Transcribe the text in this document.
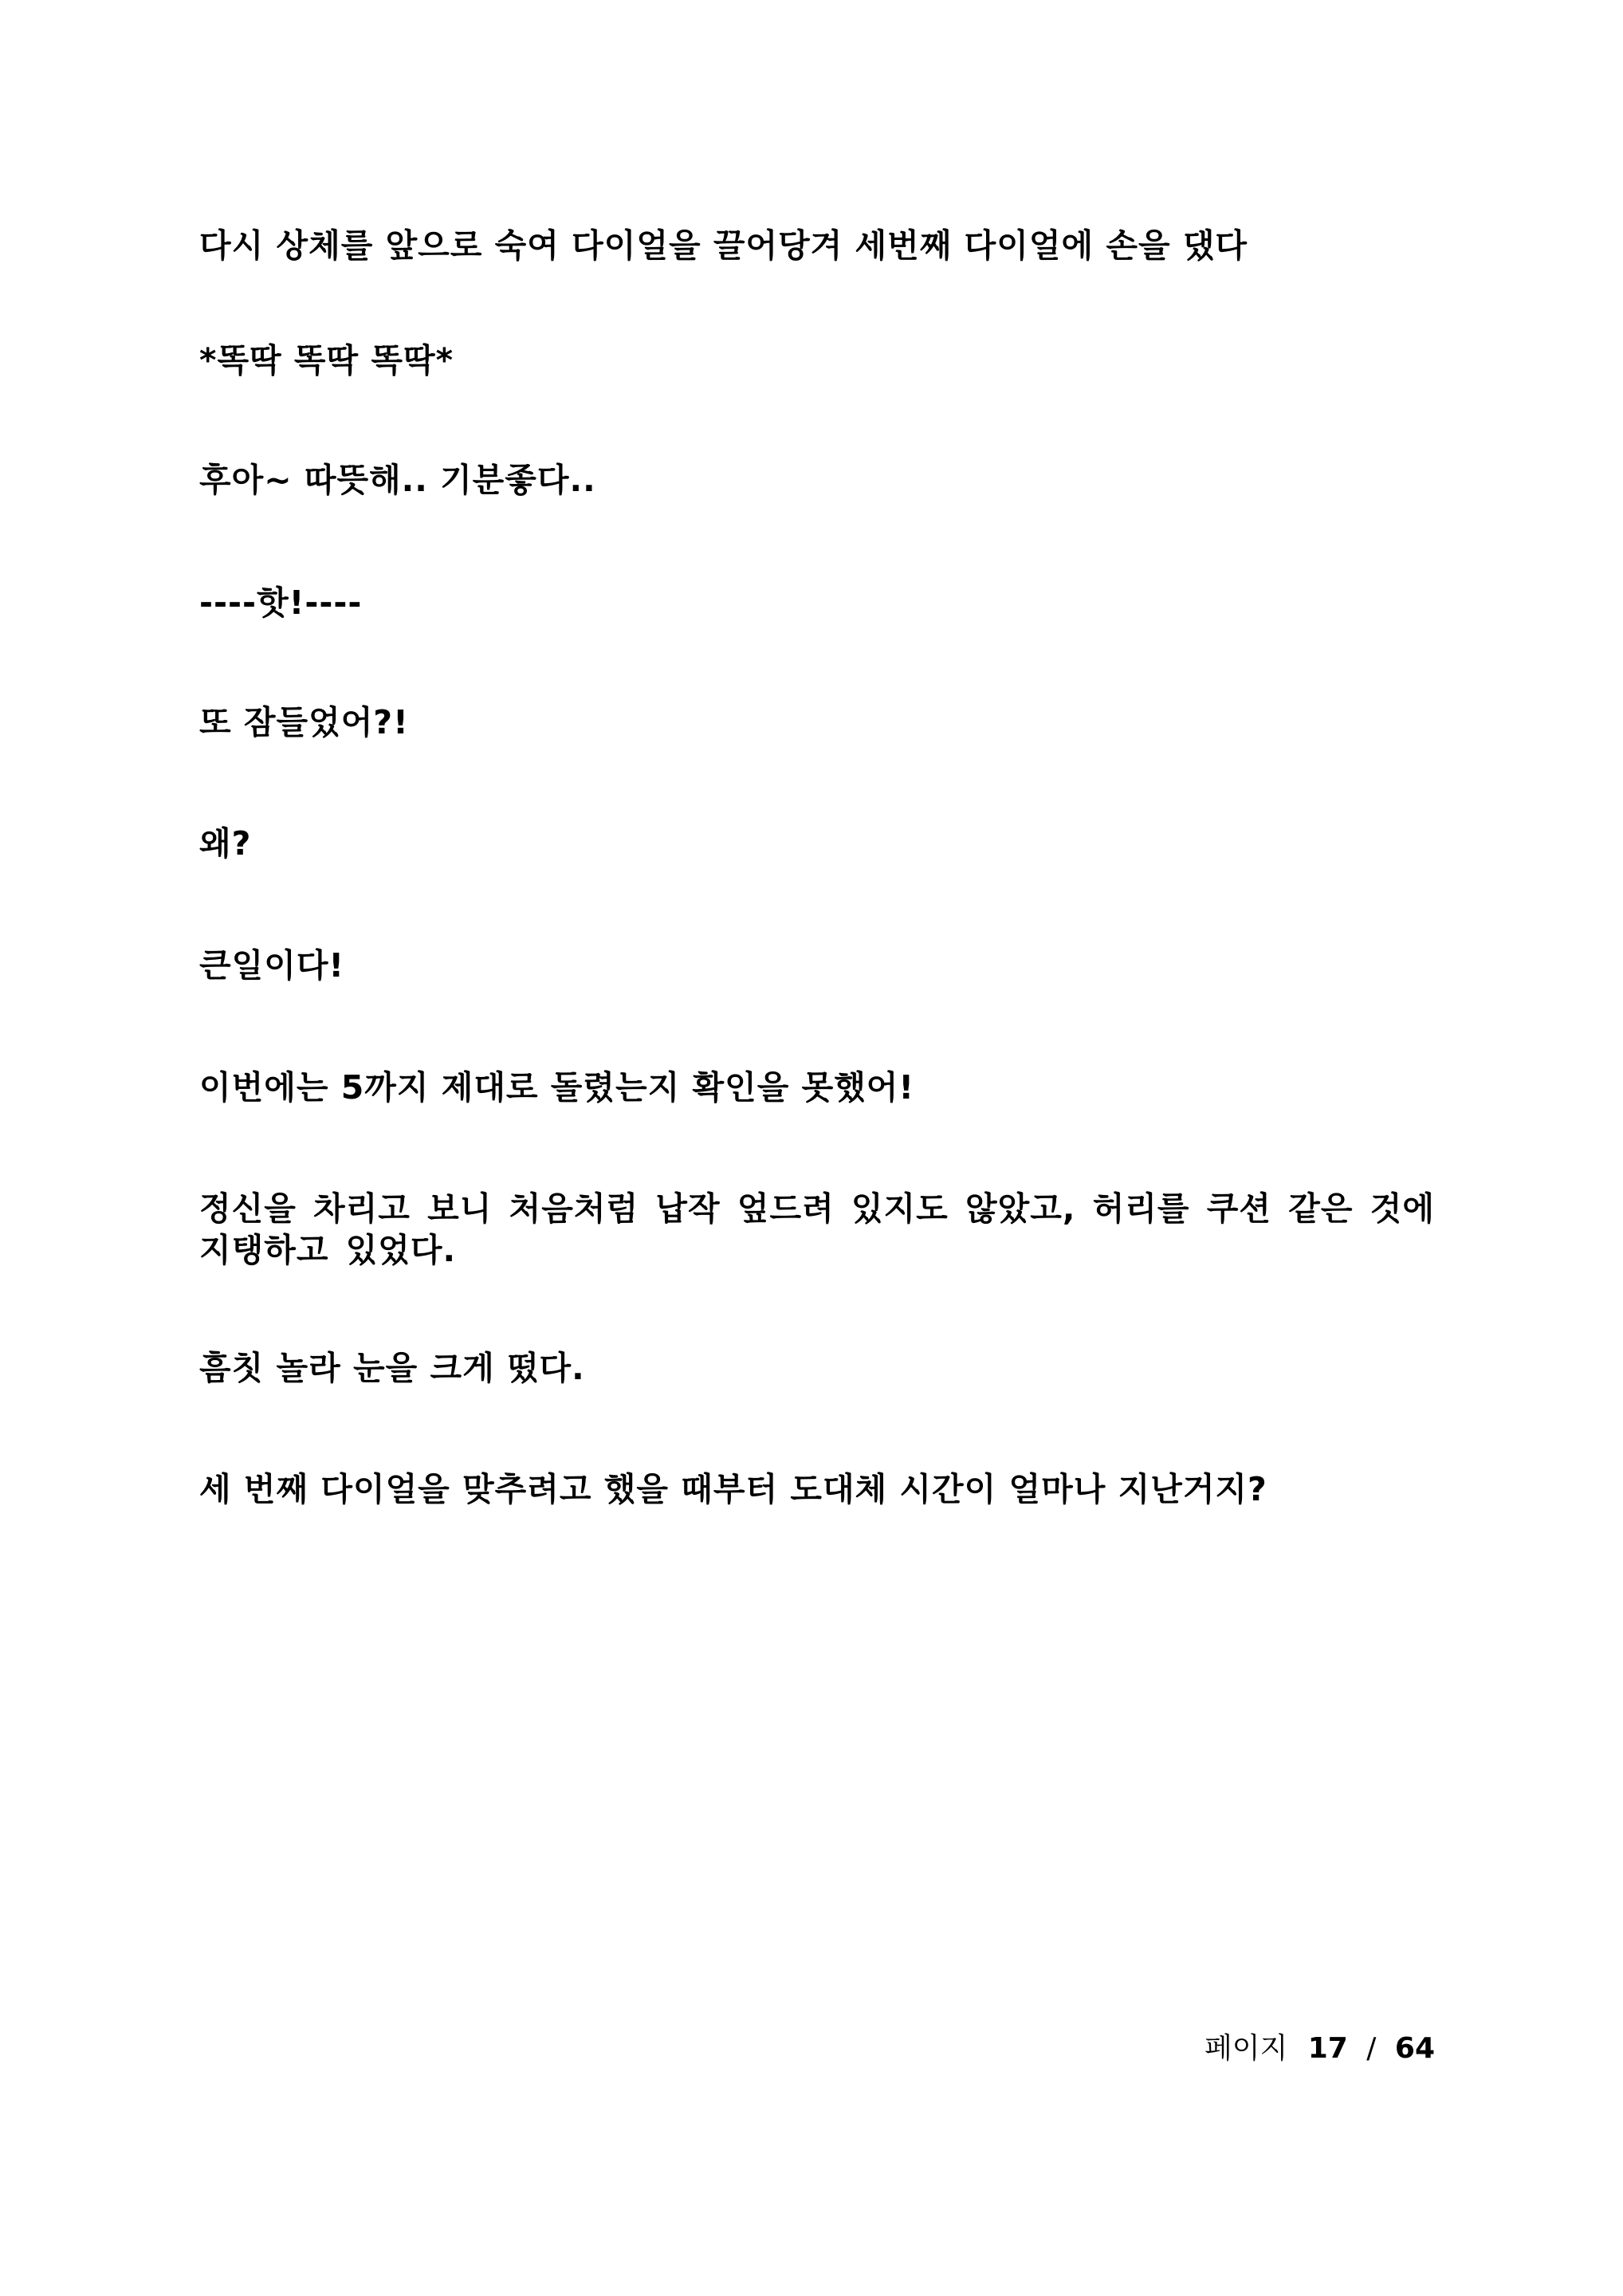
다시 상체를 앞으로 숙여 다이얼을 끌어당겨 세번째 다이얼에 손을 댔다

*똑딱 똑딱 똑딱*

후아~ 따뜻해.. 기분좋다..

----핫!----

또 잠들었어?!

왜?

큰일이다!

이번에는 5까지 제대로 돌렸는지 확인을 못했어!

정신을 차리고 보니 처음처럼 납작 엎드려 있지도 않았고, 허리를 쿠션 같은 것에 지탱하고 있었다.

흠칫 놀라 눈을 크게 떴다.

세 번째 다이얼을 맞추려고 했을 때부터 도대체 시간이 얼마나 지난거지?

페이지 17 / 64
